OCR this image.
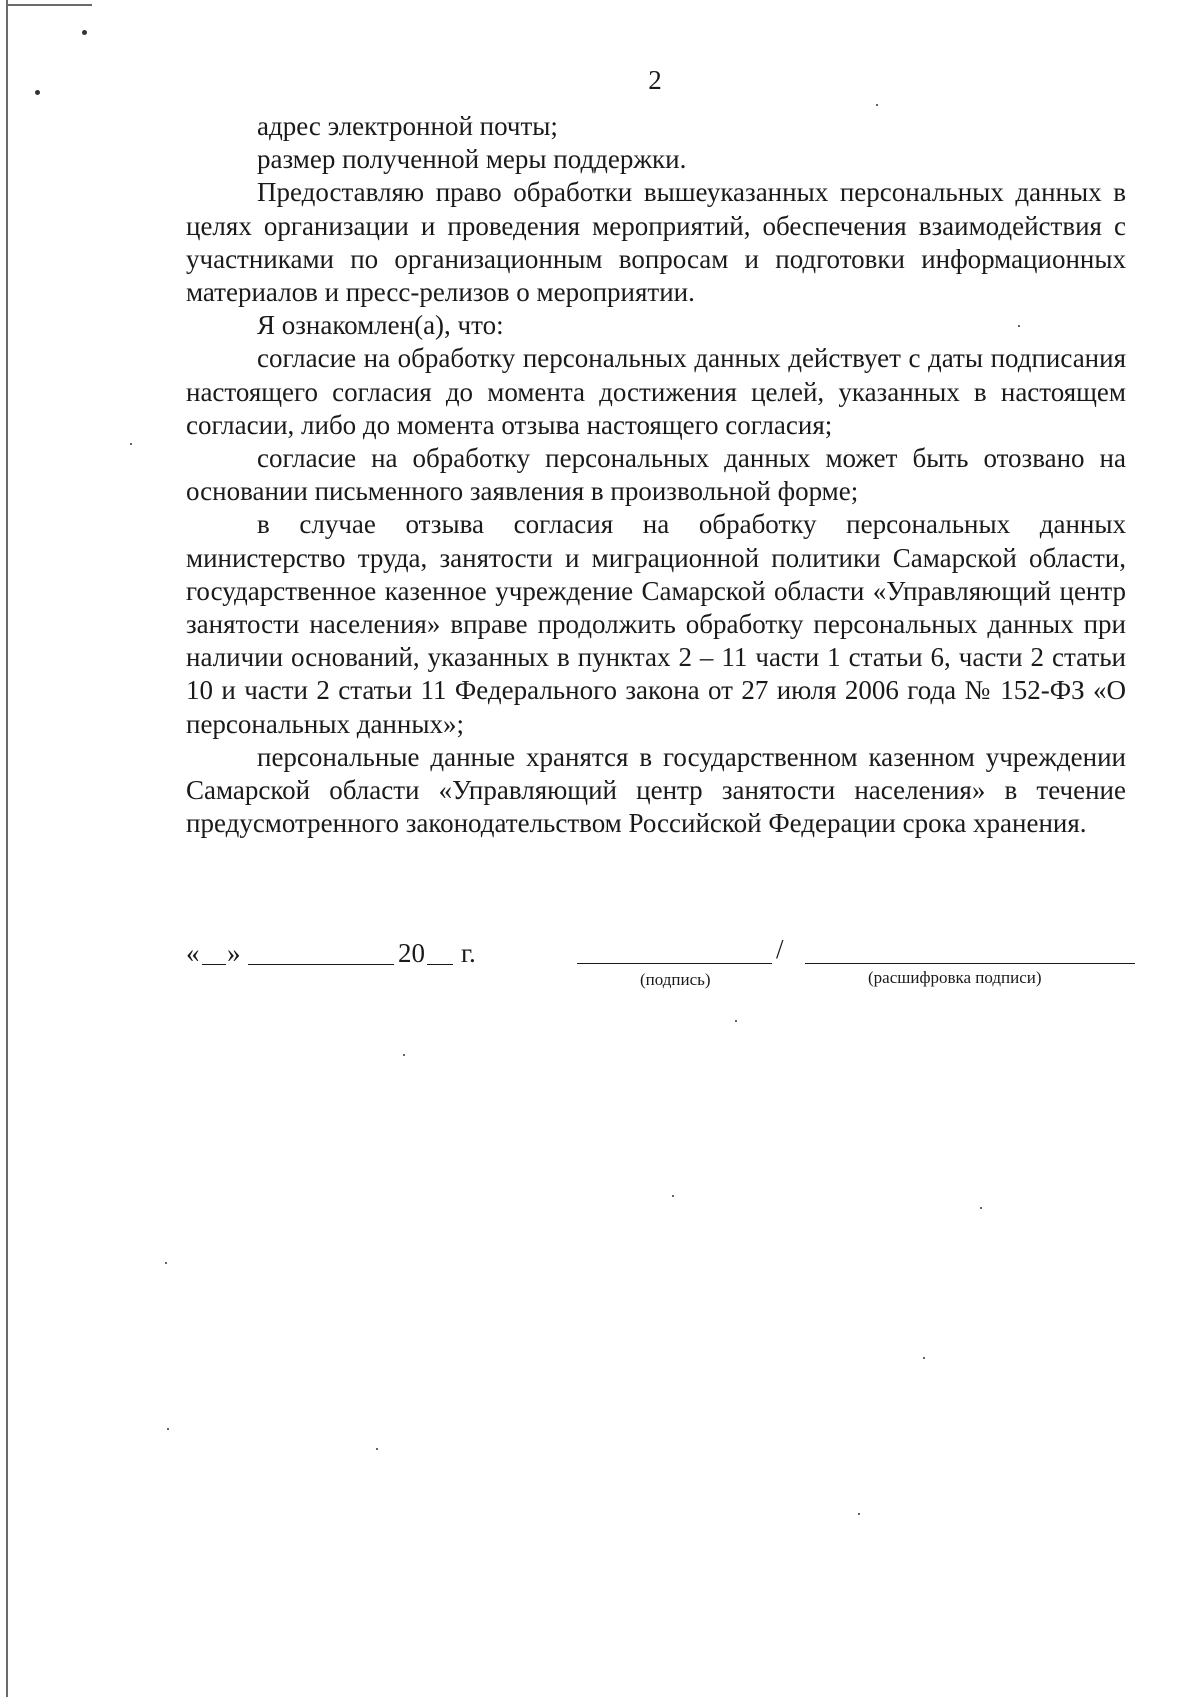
2

адрес электронной почты;

размер полученной меры поддержки.

Предоставляю право обработки вышеуказанных персональных данных в целях организации и проведения мероприятий, обеспечения взаимодействия с участниками по организационным вопросам и подготовки информационных материалов и пресс-релизов о мероприятии.

Я ознакомлен(а), что:

согласие на обработку персональных данных действует с даты подписания настоящего согласия до момента достижения целей, указанных в настоящем согласии, либо до момента отзыва настоящего согласия;

согласие на обработку персональных данных может быть отозвано на основании письменного заявления в произвольной форме;

в случае отзыва согласия на обработку персональных данных министерство труда, занятости и миграционной политики Самарской области, государственное казенное учреждение Самарской области «Управляющий центр занятости населения» вправе продолжить обработку персональных данных при наличии оснований, указанных в пунктах 2 – 11 части 1 статьи 6, части 2 статьи 10 и части 2 статьи 11 Федерального закона от 27 июля 2006 года № 152-ФЗ «О персональных данных»;

персональные данные хранятся в государственном казенном учреждении Самарской области «Управляющий центр занятости населения» в течение предусмотренного законодательством Российской Федерации срока хранения.

« »	20 г.	/
(подпись)	(расшифровка подписи)
